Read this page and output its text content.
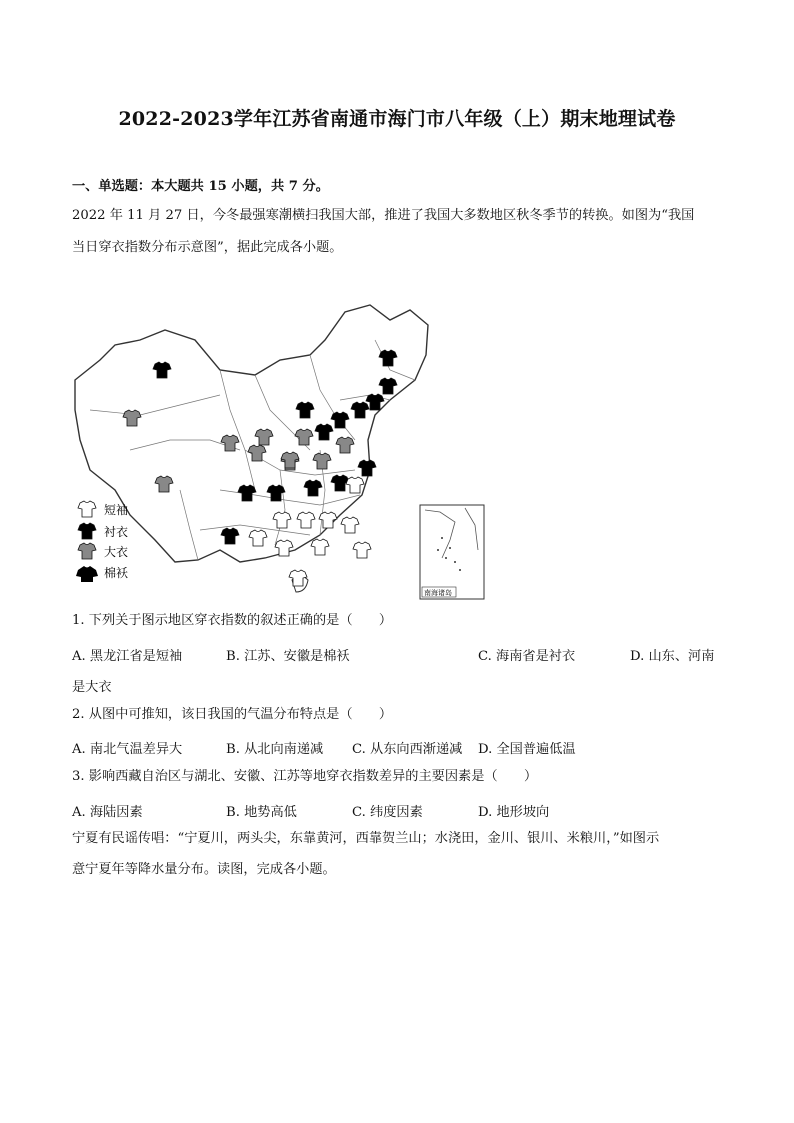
2022-2023学年江苏省南通市海门市八年级（上）期末地理试卷
一、单选题：本大题共 15 小题，共 7 分。
2022 年 11 月 27 日，今冬最强寒潮横扫我国大部，推进了我国大多数地区秋冬季节的转换。如图为“我国
当日穿衣指数分布示意图”，据此完成各小题。
短袖
衬衣
大衣
棉袄
南海诸岛
1. 下列关于图示地区穿衣指数的叙述正确的是（　　）
A. 黑龙江省是短袖	B. 江苏、安徽是棉袄	C. 海南省是衬衣	D. 山东、河南
是大衣
2. 从图中可推知，该日我国的气温分布特点是（　　）
A. 南北气温差异大	B. 从北向南递减 C. 从东向西渐递减 D. 全国普遍低温
3. 影响西藏自治区与湖北、安徽、江苏等地穿衣指数差异的主要因素是（　　）
A. 海陆因素	B. 地势高低	C. 纬度因素	D. 地形坡向
宁夏有民谣传唱：“宁夏川，两头尖，东靠黄河，西靠贺兰山；水浇田，金川、银川、米粮川，”如图示
意宁夏年等降水量分布。读图，完成各小题。
